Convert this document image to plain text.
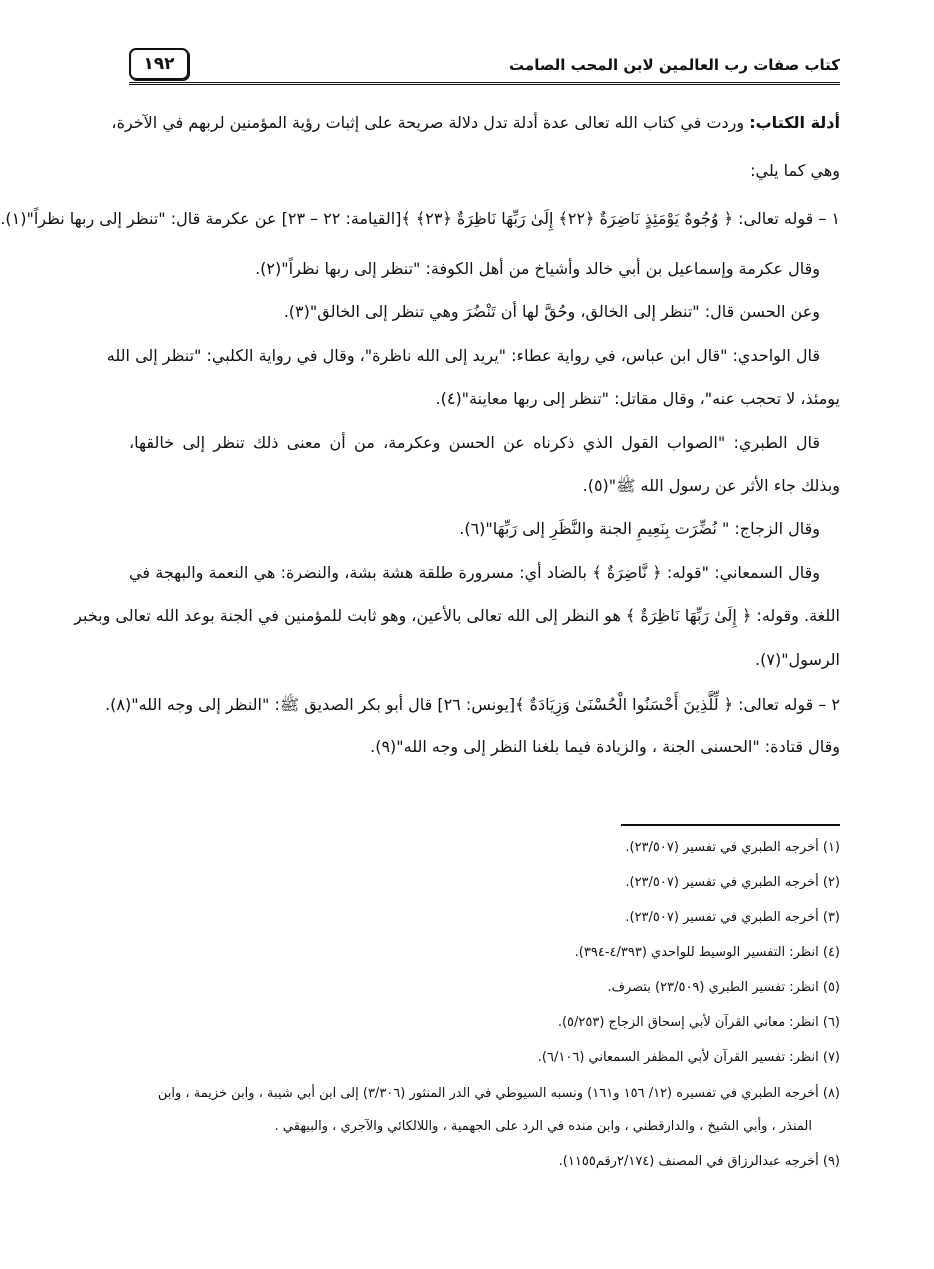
كتاب صفات رب العالمين لابن المحب الصامت
١٩٢
أدلة الكتاب: وردت في كتاب الله تعالى عدة أدلة تدل دلالة صريحة على إثبات رؤية المؤمنين لربهم في الآخرة،
وهي كما يلي:
١ – قوله تعالى: ﴿ وُجُوهٌ يَوْمَئِذٍ نَاضِرَةٌ ﴿٢٢﴾ إِلَىٰ رَبِّهَا نَاظِرَةٌ ﴿٢٣﴾ ﴾[القيامة: ٢٢ – ٢٣] عن عكرمة قال: "تنظر إلى ربها نظراً"(١).
وقال عكرمة وإسماعيل بن أبي خالد وأشياخ من أهل الكوفة: "تنظر إلى ربها نظراً"(٢).
وعن الحسن قال: "تنظر إلى الخالق، وحُقَّ لها أن تَنْضُرَ وهي تنظر إلى الخالق"(٣).
قال الواحدي: "قال ابن عباس، في رواية عطاء: "يريد إلى الله ناظرة"، وقال في رواية الكلبي: "تنظر إلى الله
يومئذ، لا تحجب عنه"، وقال مقاتل: "تنظر إلى ربها معاينة"(٤).
قال الطبري: "الصواب القول الذي ذكرناه عن الحسن وعكرمة، من أن معنى ذلك تنظر إلى خالقها،
وبذلك جاء الأثر عن رسول الله ﷺ"(٥).
وقال الزجاج: " نُضِّرَت بِنَعِيمِ الجنة والنَّظَرِ إلى رَبِّهَا"(٦).
وقال السمعاني: "قوله: ﴿ نَّاضِرَةٌ ﴾ بالضاد أي: مسرورة طلقة هشة بشة، والنضرة: هي النعمة والبهجة في
اللغة. وقوله: ﴿ إِلَىٰ رَبِّهَا نَاظِرَةٌ ﴾ هو النظر إلى الله تعالى بالأعين، وهو ثابت للمؤمنين في الجنة بوعد الله تعالى وبخبر
الرسول"(٧).
٢ – قوله تعالى: ﴿ لِّلَّذِينَ أَحْسَنُوا الْحُسْنَىٰ وَزِيَادَةٌ ﴾[يونس: ٢٦] قال أبو بكر الصديق ﷺ: "النظر إلى وجه الله"(٨).
وقال قتادة: "الحسنى الجنة ، والزيادة فيما بلغنا النظر إلى وجه الله"(٩).
(١) أخرجه الطبري في تفسير (٢٣/٥٠٧).
(٢) أخرجه الطبري في تفسير (٢٣/٥٠٧).
(٣) أخرجه الطبري في تفسير (٢٣/٥٠٧).
(٤) انظر: التفسير الوسيط للواحدي (٤/٣٩٣-٣٩٤).
(٥) انظر: تفسير الطبري (٢٣/٥٠٩) بتصرف.
(٦) انظر: معاني القرآن لأبي إسحاق الزجاج (٥/٢٥٣).
(٧) انظر: تفسير القرآن لأبي المظفر السمعاني (٦/١٠٦).
(٨) أخرجه الطبري في تفسيره (١٢/ ١٥٦ و١٦١) ونسبه السيوطي في الدر المنثور (٣/٣٠٦) إلى ابن أبي شيبة ، وابن خزيمة ، وابن
المنذر ، وأبي الشيخ ، والدارقطني ، وابن منده في الرد على الجهمية ، واللالكائي والآجري ، والبيهقي .
(٩) أخرجه عبدالرزاق في المصنف (٢/١٧٤رقم١١٥٥).
